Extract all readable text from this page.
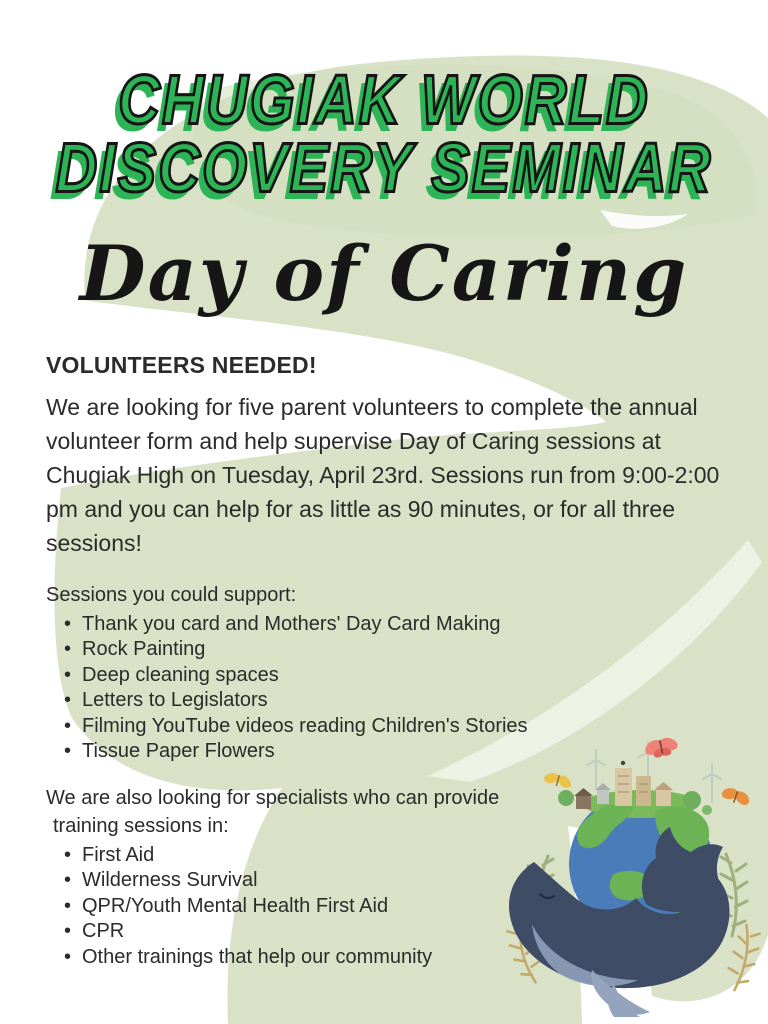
CHUGIAK WORLD
DISCOVERY SEMINAR
Day of Caring
VOLUNTEERS NEEDED!
We are looking for five parent volunteers to complete the annual volunteer form and help supervise Day of Caring sessions at Chugiak High on Tuesday, April 23rd. Sessions run from 9:00-2:00 pm and you can help for as little as 90 minutes, or for all three sessions!
Sessions you could support:
• Thank you card and Mothers' Day Card Making
• Rock Painting
• Deep cleaning spaces
• Letters to Legislators
• Filming YouTube videos reading Children's Stories
• Tissue Paper Flowers
We are also looking for specialists who can provide
training sessions in:
• First Aid
• Wilderness Survival
• QPR/Youth Mental Health First Aid
• CPR
• Other trainings that help our community
